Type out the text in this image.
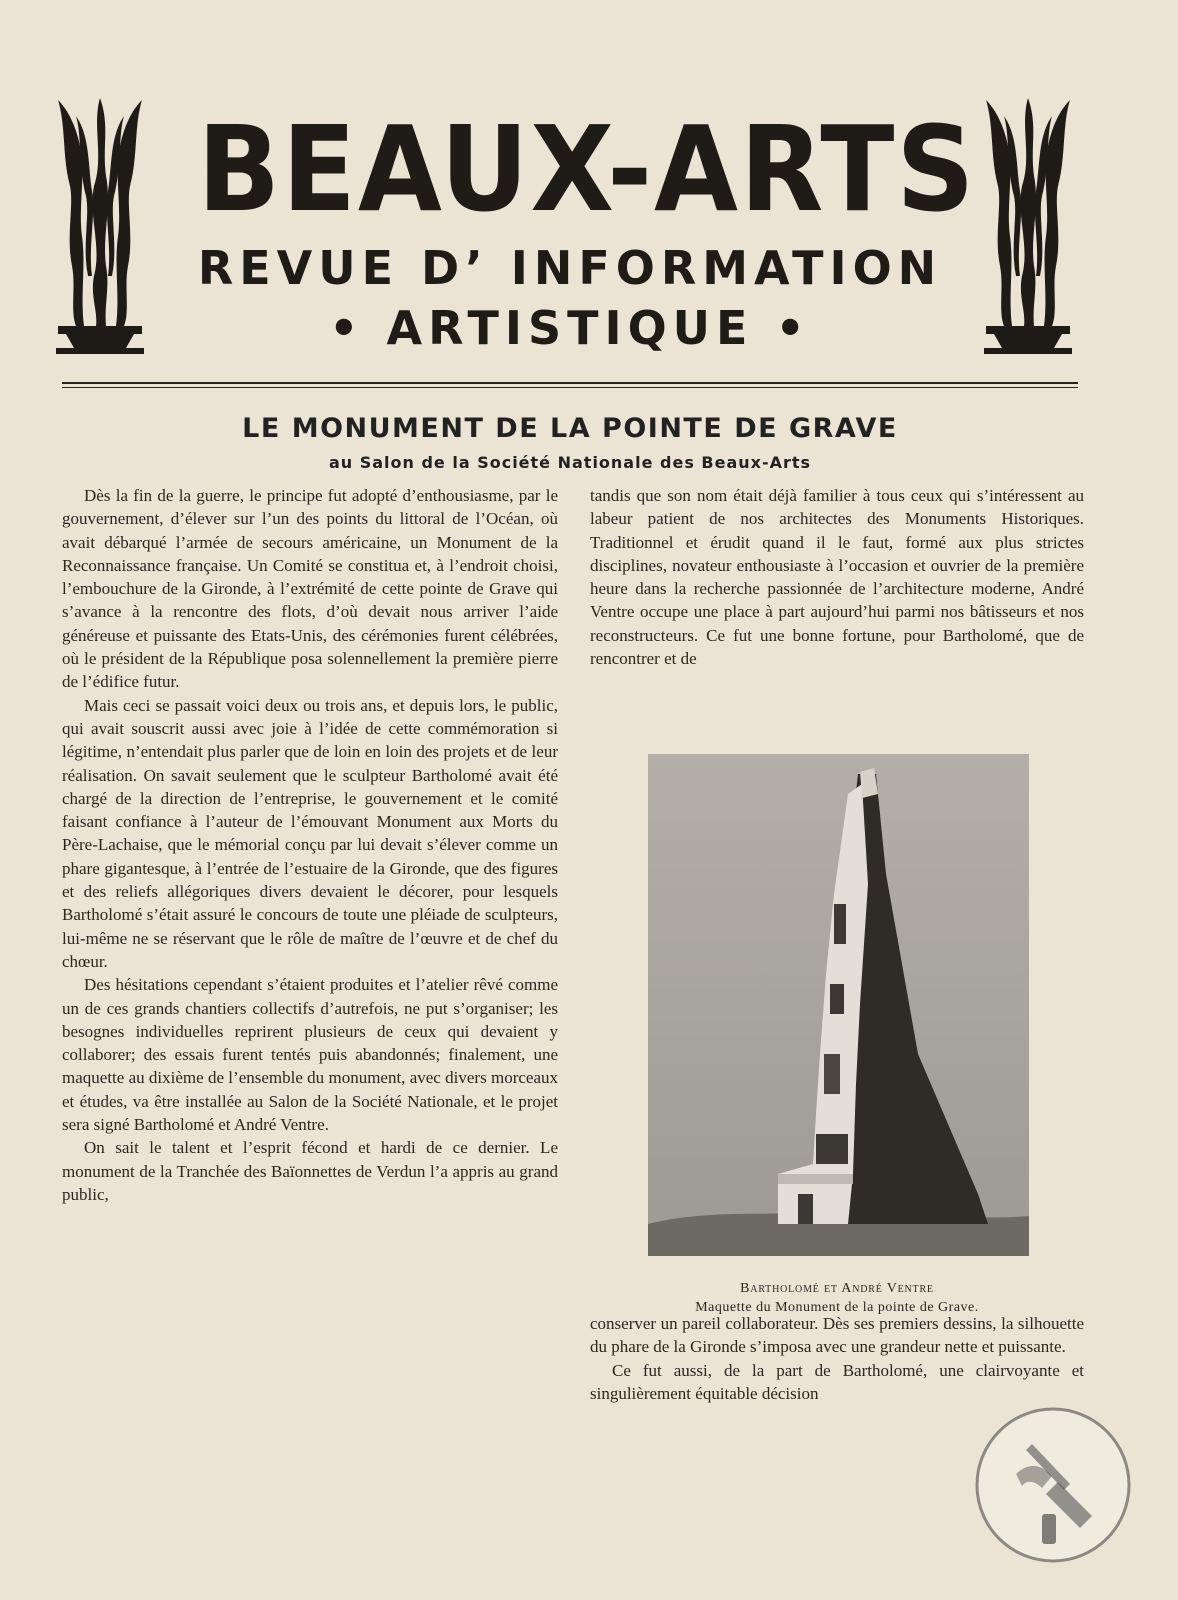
BEAUX-ARTS
REVUE D’ INFORMATION
• ARTISTIQUE •
LE MONUMENT DE LA POINTE DE GRAVE
au Salon de la Société Nationale des Beaux-Arts

Dès la fin de la guerre, le principe fut adopté d’enthousiasme, par le gouvernement, d’élever sur l’un des points du littoral de l’Océan, où avait débarqué l’armée de secours américaine, un Monument de la Reconnaissance française. Un Comité se constitua et, à l’endroit choisi, l’embouchure de la Gironde, à l’extrémité de cette pointe de Grave qui s’avance à la rencontre des flots, d’où devait nous arriver l’aide généreuse et puissante des Etats-Unis, des cérémonies furent célébrées, où le président de la République posa solennellement la première pierre de l’édifice futur.

Mais ceci se passait voici deux ou trois ans, et depuis lors, le public, qui avait souscrit aussi avec joie à l’idée de cette commémoration si légitime, n’entendait plus parler que de loin en loin des projets et de leur réalisation. On savait seulement que le sculpteur Bartholomé avait été chargé de la direction de l’entreprise, le gouvernement et le comité faisant confiance à l’auteur de l’émouvant Monument aux Morts du Père-Lachaise, que le mémorial conçu par lui devait s’élever comme un phare gigantesque, à l’entrée de l’estuaire de la Gironde, que des figures et des reliefs allégoriques divers devaient le décorer, pour lesquels Bartholomé s’était assuré le concours de toute une pléiade de sculpteurs, lui-même ne se réservant que le rôle de maître de l’œuvre et de chef du chœur.

Des hésitations cependant s’étaient produites et l’atelier rêvé comme un de ces grands chantiers collectifs d’autrefois, ne put s’organiser; les besognes individuelles reprirent plusieurs de ceux qui devaient y collaborer; des essais furent tentés puis abandonnés; finalement, une maquette au dixième de l’ensemble du monument, avec divers morceaux et études, va être installée au Salon de la Société Nationale, et le projet sera signé Bartholomé et André Ventre.

On sait le talent et l’esprit fécond et hardi de ce dernier. Le monument de la Tranchée des Baïonnettes de Verdun l’a appris au grand public,

tandis que son nom était déjà familier à tous ceux qui s’intéressent au labeur patient de nos architectes des Monuments Historiques. Traditionnel et érudit quand il le faut, formé aux plus strictes disciplines, novateur enthousiaste à l’occasion et ouvrier de la première heure dans la recherche passionnée de l’architecture moderne, André Ventre occupe une place à part aujourd’hui parmi nos bâtisseurs et nos reconstructeurs. Ce fut une bonne fortune, pour Bartholomé, que de rencontrer et de

Bartholomé et André Ventre
Maquette du Monument de la pointe de Grave.

conserver un pareil collaborateur. Dès ses premiers dessins, la silhouette du phare de la Gironde s’imposa avec une grandeur nette et puissante.

Ce fut aussi, de la part de Bartholomé, une clairvoyante et singulièrement équitable décision
